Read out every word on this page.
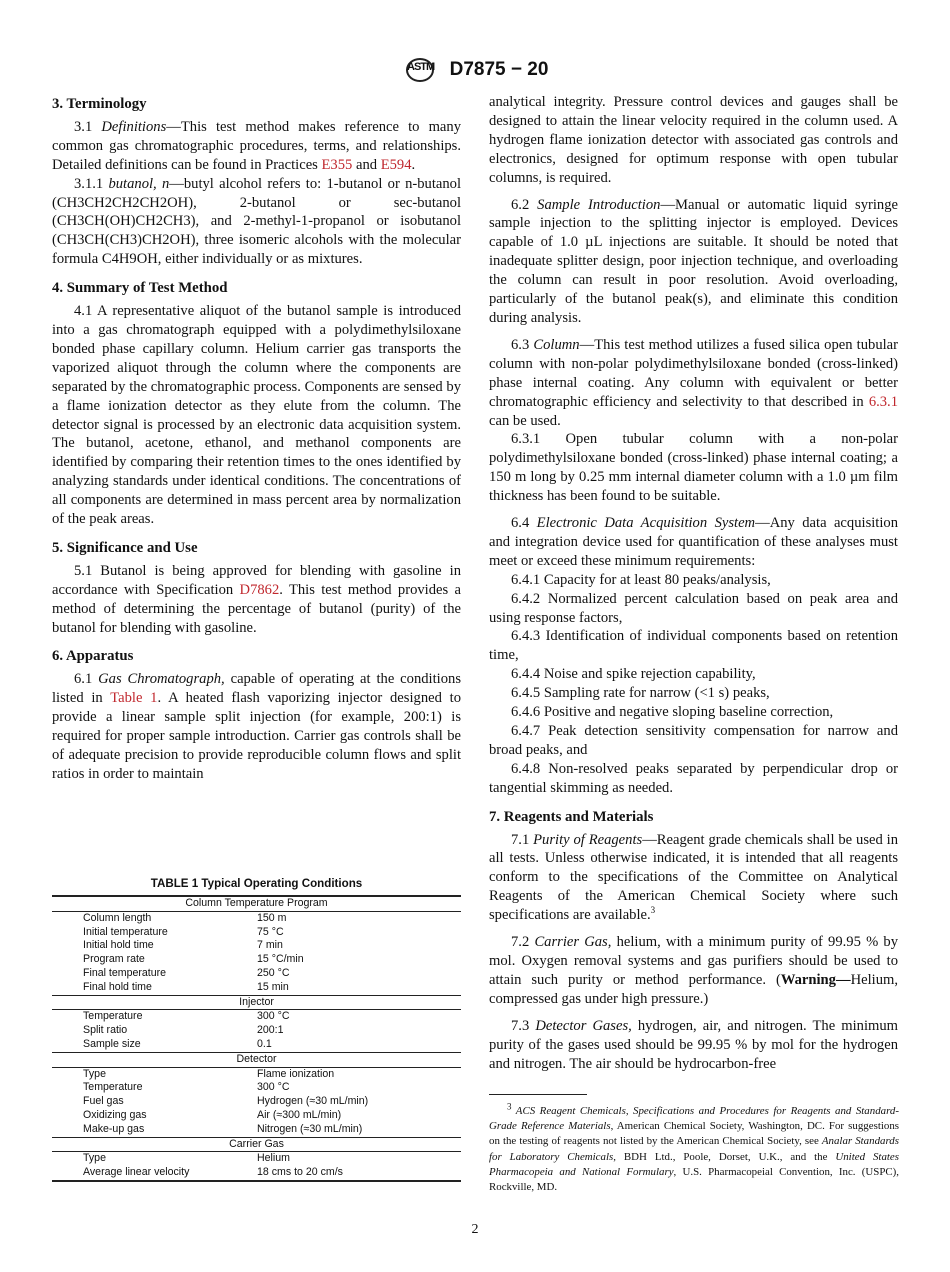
ASTM D7875 − 20
3. Terminology

3.1 Definitions—This test method makes reference to many common gas chromatographic procedures, terms, and relationships. Detailed definitions can be found in Practices E355 and E594.

3.1.1 butanol, n—butyl alcohol refers to: 1-butanol or n-butanol (CH3CH2CH2CH2OH), 2-butanol or sec-butanol (CH3CH(OH)CH2CH3), and 2-methyl-1-propanol or isobutanol (CH3CH(CH3)CH2OH), three isomeric alcohols with the molecular formula C4H9OH, either individually or as mixtures.

4. Summary of Test Method

4.1 A representative aliquot of the butanol sample is introduced into a gas chromatograph equipped with a polydimethylsiloxane bonded phase capillary column. Helium carrier gas transports the vaporized aliquot through the column where the components are separated by the chromatographic process. Components are sensed by a flame ionization detector as they elute from the column. The detector signal is processed by an electronic data acquisition system. The butanol, acetone, ethanol, and methanol components are identified by comparing their retention times to the ones identified by analyzing standards under identical conditions. The concentrations of all components are determined in mass percent area by normalization of the peak areas.

5. Significance and Use

5.1 Butanol is being approved for blending with gasoline in accordance with Specification D7862. This test method provides a method of determining the percentage of butanol (purity) of the butanol for blending with gasoline.

6. Apparatus

6.1 Gas Chromatograph, capable of operating at the conditions listed in Table 1. A heated flash vaporizing injector designed to provide a linear sample split injection (for example, 200:1) is required for proper sample introduction. Carrier gas controls shall be of adequate precision to provide reproducible column flows and split ratios in order to maintain

analytical integrity. Pressure control devices and gauges shall be designed to attain the linear velocity required in the column used. A hydrogen flame ionization detector with associated gas controls and electronics, designed for optimum response with open tubular columns, is required.

6.2 Sample Introduction—Manual or automatic liquid syringe sample injection to the splitting injector is employed. Devices capable of 1.0 µL injections are suitable. It should be noted that inadequate splitter design, poor injection technique, and overloading the column can result in poor resolution. Avoid overloading, particularly of the butanol peak(s), and eliminate this condition during analysis.

6.3 Column—This test method utilizes a fused silica open tubular column with non-polar polydimethylsiloxane bonded (cross-linked) phase internal coating. Any column with equivalent or better chromatographic efficiency and selectivity to that described in 6.3.1 can be used.

6.3.1 Open tubular column with a non-polar polydimethylsiloxane bonded (cross-linked) phase internal coating; a 150 m long by 0.25 mm internal diameter column with a 1.0 µm film thickness has been found to be suitable.

6.4 Electronic Data Acquisition System—Any data acquisition and integration device used for quantification of these analyses must meet or exceed these minimum requirements:

6.4.1 Capacity for at least 80 peaks/analysis,

6.4.2 Normalized percent calculation based on peak area and using response factors,

6.4.3 Identification of individual components based on retention time,

6.4.4 Noise and spike rejection capability,

6.4.5 Sampling rate for narrow (<1 s) peaks,

6.4.6 Positive and negative sloping baseline correction,

6.4.7 Peak detection sensitivity compensation for narrow and broad peaks, and

6.4.8 Non-resolved peaks separated by perpendicular drop or tangential skimming as needed.

7. Reagents and Materials

7.1 Purity of Reagents—Reagent grade chemicals shall be used in all tests. Unless otherwise indicated, it is intended that all reagents conform to the specifications of the Committee on Analytical Reagents of the American Chemical Society where such specifications are available.$^3$

7.2 Carrier Gas, helium, with a minimum purity of 99.95 % by mol. Oxygen removal systems and gas purifiers should be used to attain such purity or method performance. (Warning—Helium, compressed gas under high pressure.)

7.3 Detector Gases, hydrogen, air, and nitrogen. The minimum purity of the gases used should be 99.95 % by mol for the hydrogen and nitrogen. The air should be hydrocarbon-free

TABLE 1 Typical Operating Conditions
Column Temperature Program	
Column length	150 m
Initial temperature	75 °C
Initial hold time	7 min
Program rate	15 °C/min
Final temperature	250 °C
Final hold time	15 min
Injector	
Temperature	300 °C
Split ratio	200:1
Sample size	0.1
Detector	
Type	Flame ionization
Temperature	300 °C
Fuel gas	Hydrogen (≈30 mL/min)
Oxidizing gas	Air (≈300 mL/min)
Make-up gas	Nitrogen (≈30 mL/min)
Carrier Gas	
Type	Helium
Average linear velocity	18 cms to 20 cm/s
$^3$ ACS Reagent Chemicals, Specifications and Procedures for Reagents and Standard-Grade Reference Materials, American Chemical Society, Washington, DC. For suggestions on the testing of reagents not listed by the American Chemical Society, see Analar Standards for Laboratory Chemicals, BDH Ltd., Poole, Dorset, U.K., and the United States Pharmacopeia and National Formulary, U.S. Pharmacopeial Convention, Inc. (USPC), Rockville, MD.
2
